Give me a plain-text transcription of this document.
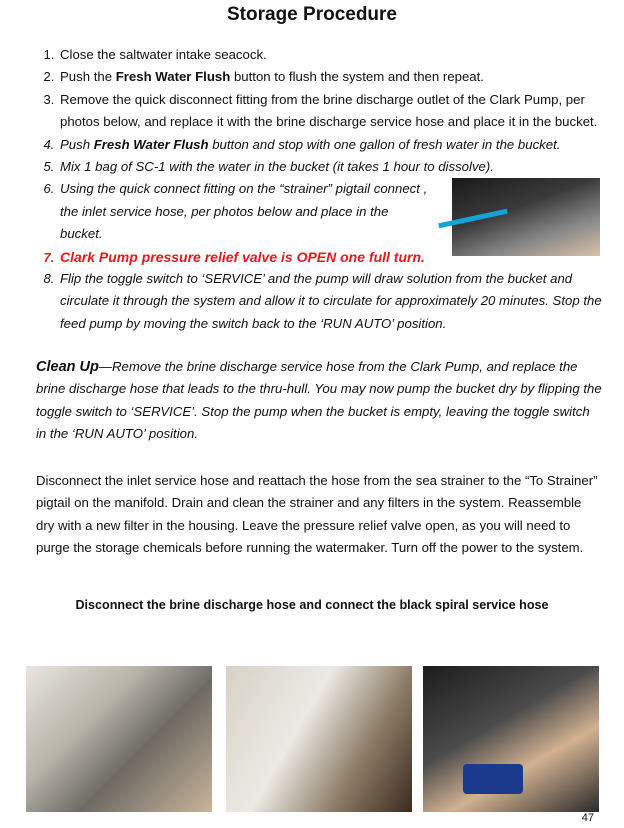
Storage Procedure
1. Close the saltwater intake seacock.
2. Push the Fresh Water Flush button to flush the system and then repeat.
3. Remove the quick disconnect fitting from the brine discharge outlet of the Clark Pump, per photos below, and replace it with the brine discharge service hose and place it in the bucket.
4. Push Fresh Water Flush button and stop with one gallon of fresh water in the bucket.
5. Mix 1 bag of SC-1 with the water in the bucket (it takes 1 hour to dissolve).
6. Using the quick connect fitting on the “strainer” pigtail connect , the inlet service hose, per photos below and place in the bucket.
7. Clark Pump pressure relief valve is OPEN one full turn.
8. Flip the toggle switch to ‘SERVICE’ and the pump will draw solution from the bucket and circulate it through the system and allow it to circulate for approximately 20 minutes. Stop the feed pump by moving the switch back to the ‘RUN AUTO’ position.
Clean Up—Remove the brine discharge service hose from the Clark Pump, and replace the brine discharge hose that leads to the thru-hull. You may now pump the bucket dry by flipping the toggle switch to ‘SERVICE’. Stop the pump when the bucket is empty, leaving the toggle switch in the ‘RUN AUTO’ position.
Disconnect the inlet service hose and reattach the hose from the sea strainer to the “To Strainer” pigtail on the manifold. Drain and clean the strainer and any filters in the system. Reassemble dry with a new filter in the housing. Leave the pressure relief valve open, as you will need to purge the storage chemicals before running the watermaker. Turn off the power to the system.
Disconnect the brine discharge hose and connect the black spiral service hose
47
